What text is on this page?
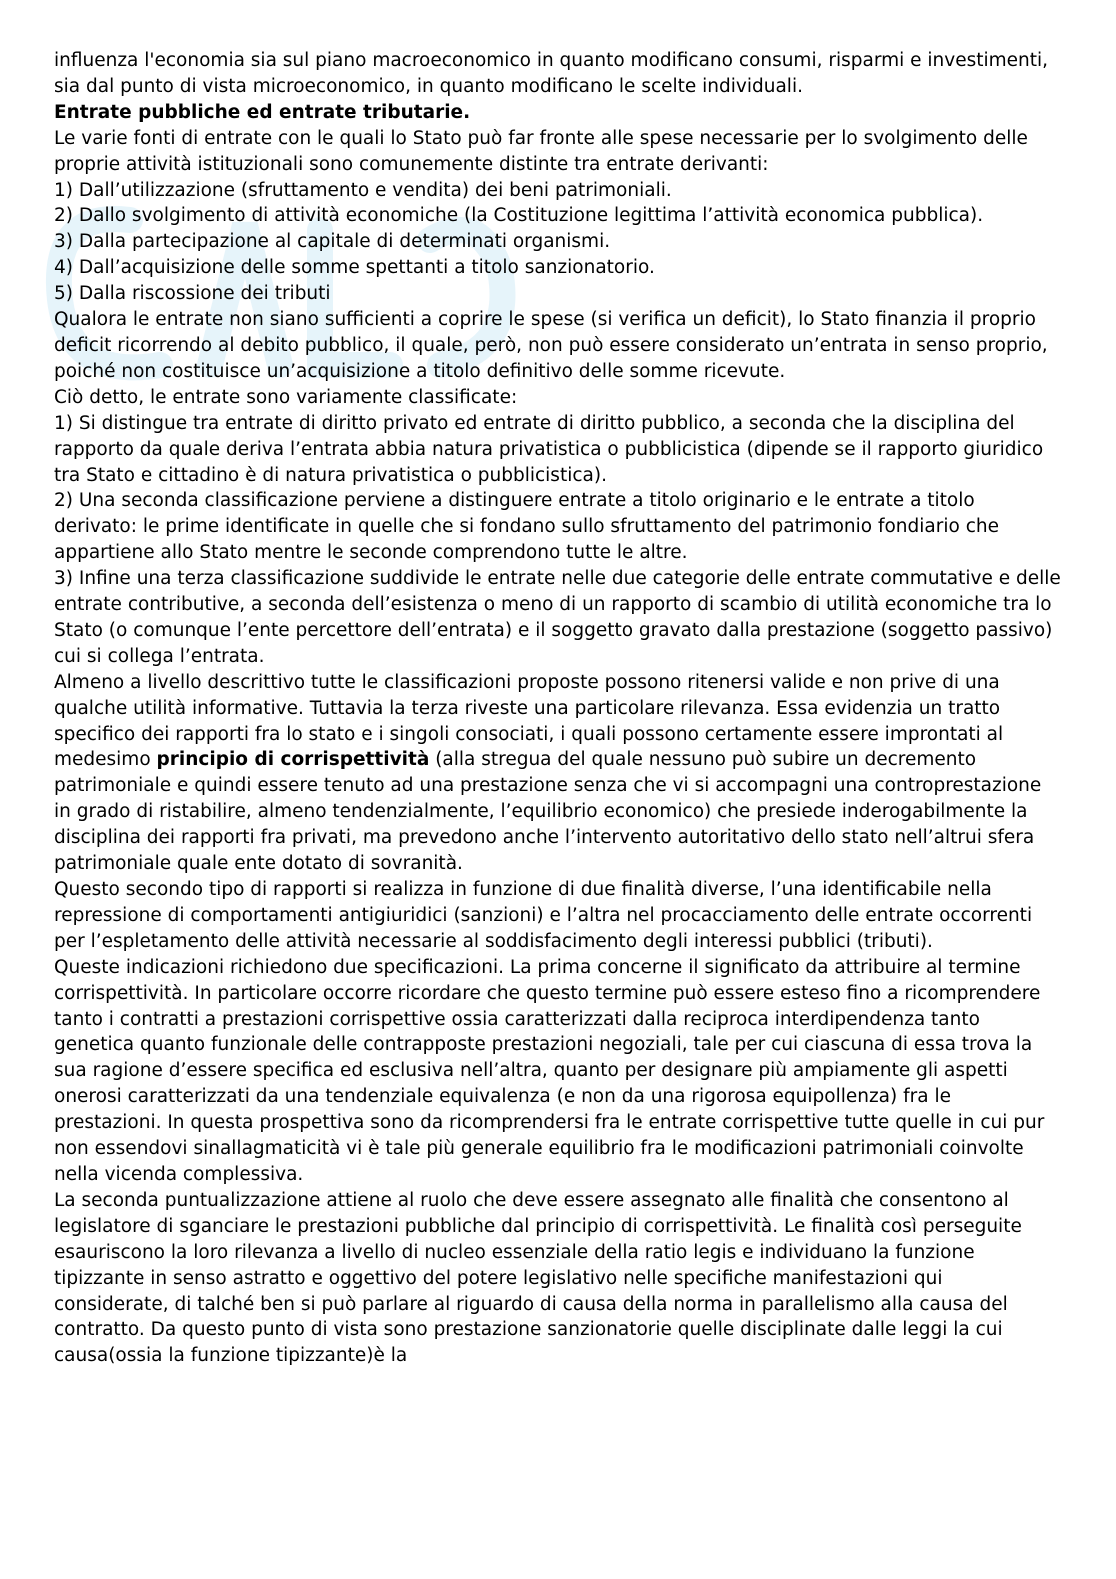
influenza l'economia sia sul piano macroeconomico in quanto modificano consumi, risparmi e investimenti, sia dal punto di vista microeconomico, in quanto modificano le scelte individuali.

Entrate pubbliche ed entrate tributarie.

Le varie fonti di entrate con le quali lo Stato può far fronte alle spese necessarie per lo svolgimento delle proprie attività istituzionali sono comunemente distinte tra entrate derivanti:

1) Dall’utilizzazione (sfruttamento e vendita) dei beni patrimoniali.

2) Dallo svolgimento di attività economiche (la Costituzione legittima l’attività economica pubblica).

3) Dalla partecipazione al capitale di determinati organismi.

4) Dall’acquisizione delle somme spettanti a titolo sanzionatorio.

5) Dalla riscossione dei tributi

Qualora le entrate non siano sufficienti a coprire le spese (si verifica un deficit), lo Stato finanzia il proprio deficit ricorrendo al debito pubblico, il quale, però, non può essere considerato un’entrata in senso proprio, poiché non costituisce un’acquisizione a titolo definitivo delle somme ricevute.

Ciò detto, le entrate sono variamente classificate:

1) Si distingue tra entrate di diritto privato ed entrate di diritto pubblico, a seconda che la disciplina del rapporto da quale deriva l’entrata abbia natura privatistica o pubblicistica (dipende se il rapporto giuridico tra Stato e cittadino è di natura privatistica o pubblicistica).

2) Una seconda classificazione perviene a distinguere entrate a titolo originario e le entrate a titolo derivato: le prime identificate in quelle che si fondano sullo sfruttamento del patrimonio fondiario che appartiene allo Stato mentre le seconde comprendono tutte le altre.

3) Infine una terza classificazione suddivide le entrate nelle due categorie delle entrate commutative e delle entrate contributive, a seconda dell’esistenza o meno di un rapporto di scambio di utilità economiche tra lo Stato (o comunque l’ente percettore dell’entrata) e il soggetto gravato dalla prestazione (soggetto passivo) cui si collega l’entrata.

Almeno a livello descrittivo tutte le classificazioni proposte possono ritenersi valide e non prive di una qualche utilità informative. Tuttavia la terza riveste una particolare rilevanza. Essa evidenzia un tratto specifico dei rapporti fra lo stato e i singoli consociati, i quali possono certamente essere improntati al medesimo principio di corrispettività (alla stregua del quale nessuno può subire un decremento patrimoniale e quindi essere tenuto ad una prestazione senza che vi si accompagni una controprestazione in grado di ristabilire, almeno tendenzialmente, l’equilibrio economico) che presiede inderogabilmente la disciplina dei rapporti fra privati, ma prevedono anche l’intervento autoritativo dello stato nell’altrui sfera patrimoniale quale ente dotato di sovranità.

Questo secondo tipo di rapporti si realizza in funzione di due finalità diverse, l’una identificabile nella repressione di comportamenti antigiuridici (sanzioni) e l’altra nel procacciamento delle entrate occorrenti per l’espletamento delle attività necessarie al soddisfacimento degli interessi pubblici (tributi).

Queste indicazioni richiedono due specificazioni. La prima concerne il significato da attribuire al termine corrispettività. In particolare occorre ricordare che questo termine può essere esteso fino a ricomprendere tanto i contratti a prestazioni corrispettive ossia caratterizzati dalla reciproca interdipendenza tanto genetica quanto funzionale delle contrapposte prestazioni negoziali, tale per cui ciascuna di essa trova la sua ragione d’essere specifica ed esclusiva nell’altra, quanto per designare più ampiamente gli aspetti onerosi caratterizzati da una tendenziale equivalenza (e non da una rigorosa equipollenza) fra le prestazioni. In questa prospettiva sono da ricomprendersi fra le entrate corrispettive tutte quelle in cui pur non essendovi sinallagmaticità vi è tale più generale equilibrio fra le modificazioni patrimoniali coinvolte nella vicenda complessiva.

La seconda puntualizzazione attiene al ruolo che deve essere assegnato alle finalità che consentono al legislatore di sganciare le prestazioni pubbliche dal principio di corrispettività. Le finalità così perseguite esauriscono la loro rilevanza a livello di nucleo essenziale della ratio legis e individuano la funzione tipizzante in senso astratto e oggettivo del potere legislativo nelle specifiche manifestazioni qui considerate, di talché ben si può parlare al riguardo di causa della norma in parallelismo alla causa del contratto. Da questo punto di vista sono prestazione sanzionatorie quelle disciplinate dalle leggi la cui causa(ossia la funzione tipizzante)è la
